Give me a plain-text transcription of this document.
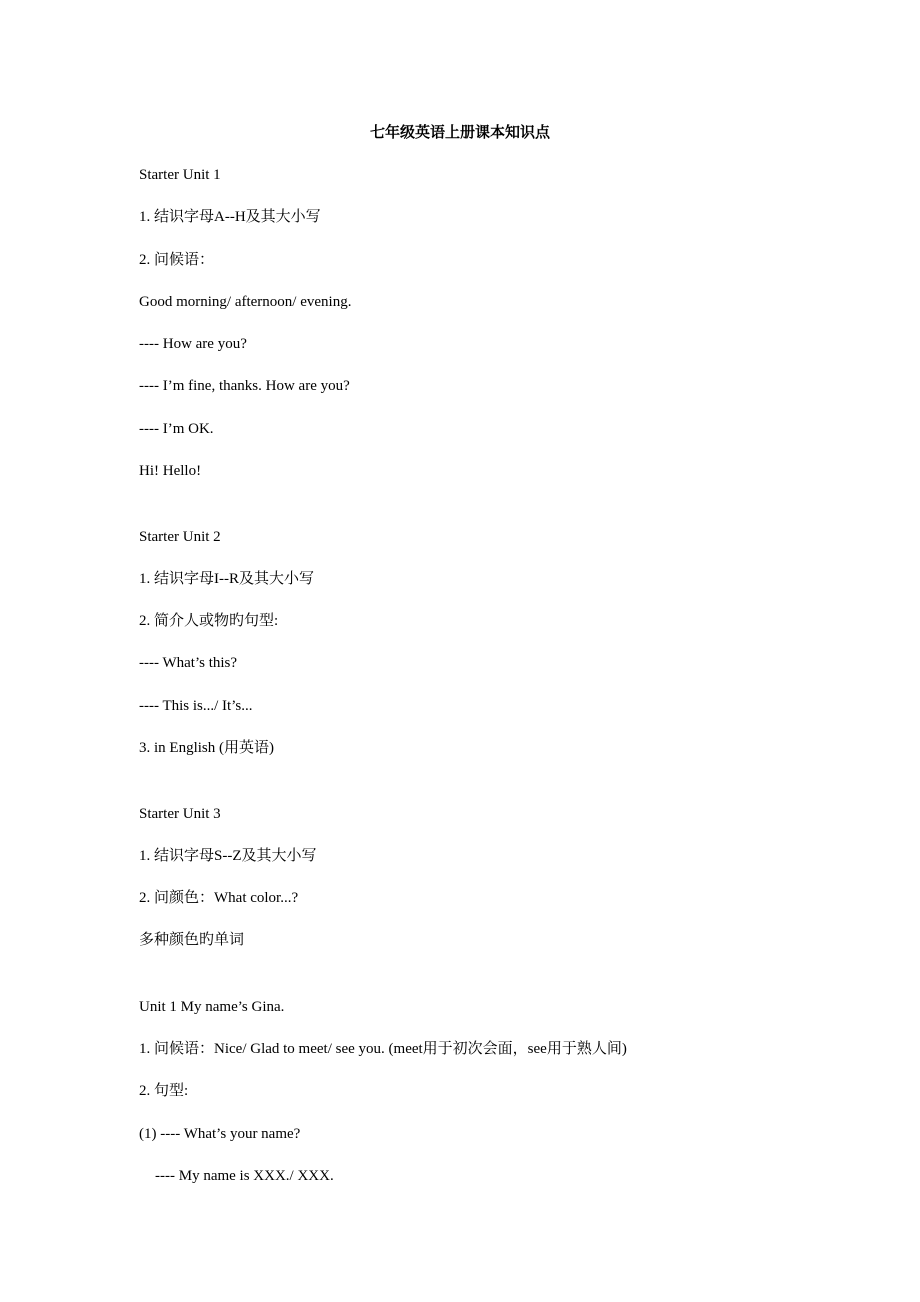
七年级英语上册课本知识点
Starter Unit 1
1. 结识字母A--H及其大小写
2. 问候语：
Good morning/ afternoon/ evening.
---- How are you?
---- I’m fine, thanks. How are you?
---- I’m OK.
Hi! Hello!
Starter Unit 2
1. 结识字母I--R及其大小写
2. 简介人或物旳句型:
---- What’s this?
---- This is.../ It’s...
3. in English (用英语)
Starter Unit 3
1. 结识字母S--Z及其大小写
2. 问颜色：What color...?
多种颜色旳单词
Unit 1 My name’s Gina.
1. 问候语：Nice/ Glad to meet/ see you. (meet用于初次会面，see用于熟人间)
2. 句型:
(1) ---- What’s your name?
---- My name is XXX./ XXX.
